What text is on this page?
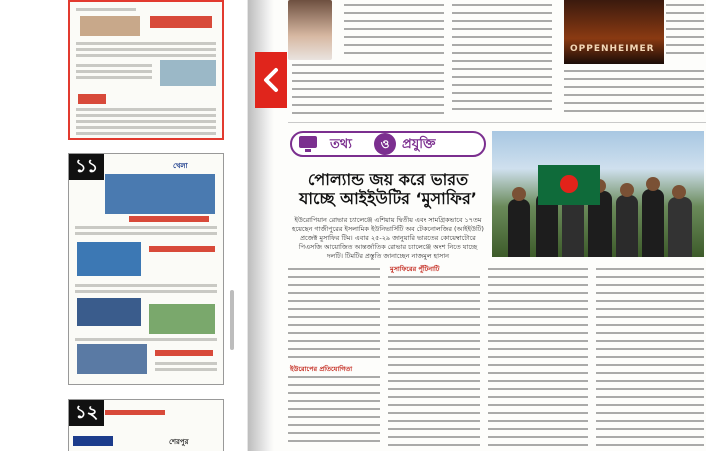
১১	খেলা
১২
শেরপুর
OPPENHEIMER
তথ্য	ও প্রযুক্তি
পোল্যান্ড জয় করে ভারত
যাচ্ছে আইইউটির ‘মুসাফির’
ইউরোপিয়ান রোভার চ্যালেঞ্জে এশিয়ায় দ্বিতীয় এবং সামগ্রিকভাবে ১৭তম হয়েছেন গাজীপুরের ইসলামিক ইউনিভার্সিটি অব টেকনোলজির (আইইউটি) প্রজেক্ট মুসাফির টিম। এবার ২৫-২৯ জানুয়ারি ভারতের কোয়েম্বাটোরে পিএসজি আয়োজিত আন্তর্জাতিক রোভার চ্যালেঞ্জে অংশ নিতে যাচ্ছে দলটি। টিমটির প্রস্তুতি জানাচ্ছেন নাজমুল হাসান
মুসাফিরের পুঁটিনাটি
ইউরোপের প্রতিযোগিতা
